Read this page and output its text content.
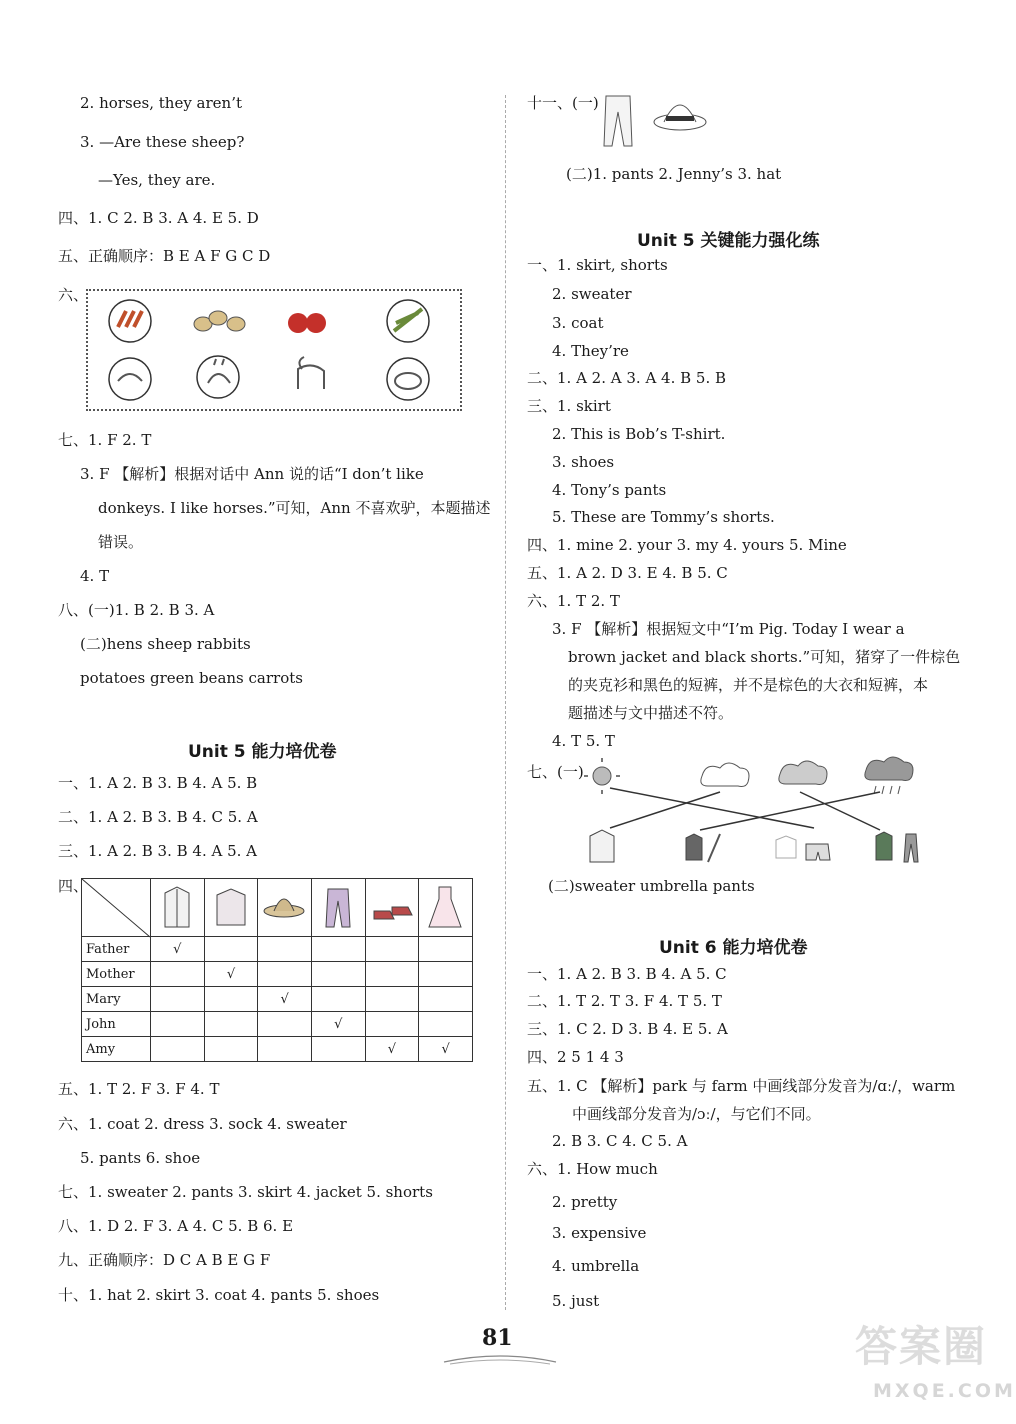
2. horses, they aren’t
3. —Are these sheep?
—Yes, they are.
四、1. C 2. B 3. A 4. E 5. D
五、正确顺序：B E A F G C D
六、
七、1. F 2. T
3. F 【解析】根据对话中 Ann 说的话“I don’t like
donkeys. I like horses.”可知，Ann 不喜欢驴，本题描述
错误。
4. T
八、(一)1. B 2. B 3. A
(二)hens sheep rabbits
potatoes green beans carrots
Unit 5 能力培优卷
一、1. A 2. B 3. B 4. A 5. B
二、1. A 2. B 3. B 4. C 5. A
三、1. A 2. B 3. B 4. A 5. A
四、

Father	√					
Mother		√				
Mary			√			
John				√		
Amy					√	√
五、1. T 2. F 3. F 4. T
六、1. coat 2. dress 3. sock 4. sweater
5. pants 6. shoe
七、1. sweater 2. pants 3. skirt 4. jacket 5. shorts
八、1. D 2. F 3. A 4. C 5. B 6. E
九、正确顺序：D C A B E G F
十、1. hat 2. skirt 3. coat 4. pants 5. shoes
十一、(一)
(二)1. pants 2. Jenny’s 3. hat
Unit 5 关键能力强化练
一、1. skirt, shorts
2. sweater
3. coat
4. They’re
二、1. A 2. A 3. A 4. B 5. B
三、1. skirt
2. This is Bob’s T-shirt.
3. shoes
4. Tony’s pants
5. These are Tommy’s shorts.
四、1. mine 2. your 3. my 4. yours 5. Mine
五、1. A 2. D 3. E 4. B 5. C
六、1. T 2. T
3. F 【解析】根据短文中“I’m Pig. Today I wear a
brown jacket and black shorts.”可知，猪穿了一件棕色
的夹克衫和黑色的短裤，并不是棕色的大衣和短裤，本
题描述与文中描述不符。
4. T 5. T
七、(一)
(二)sweater umbrella pants
Unit 6 能力培优卷
一、1. A 2. B 3. B 4. A 5. C
二、1. T 2. T 3. F 4. T 5. T
三、1. C 2. D 3. B 4. E 5. A
四、2 5 1 4 3
五、1. C 【解析】park 与 farm 中画线部分发音为/ɑː/，warm
中画线部分发音为/ɔː/，与它们不同。
2. B 3. C 4. C 5. A
六、1. How much
2. pretty
3. expensive
4. umbrella
5. just
81	答案圈
MXQE.COM
